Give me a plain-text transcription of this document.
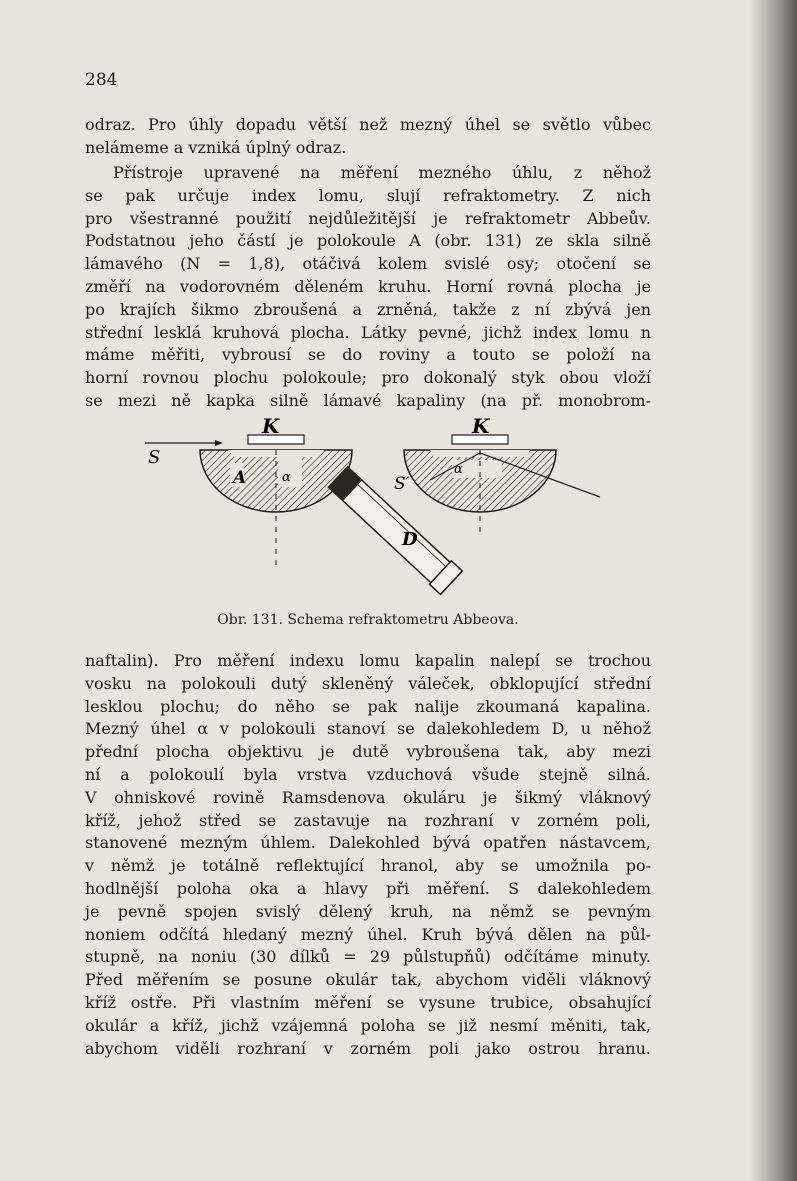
284

odraz. Pro úhly dopadu větší než mezný úhel se světlo vůbec
nelámeme a vzniká úplný odraz.

Přístroje upravené na měření mezného úhlu, z něhož
se pak určuje index lomu, slují refraktometry. Z nich
pro všestranné použití nejdůležitější je refraktometr Abbeův.
Podstatnou jeho částí je polokoule A (obr. 131) ze skla silně
lámavého (N = 1,8), otáčivá kolem svislé osy; otočení se
změří na vodorovném děleném kruhu. Horní rovná plocha je
po krajích šikmo zbroušená a zrněná, takže z ní zbývá jen
střední lesklá kruhová plocha. Látky pevné, jichž index lomu n
máme měřiti, vybrousí se do roviny a touto se položí na
horní rovnou plochu polokoule; pro dokonalý styk obou vloží
se mezi ně kapka silně lámavé kapaliny (na př. monobrom-

S
A	α
K
D
α
K
S′
Obr. 131. Schema refraktometru Abbeova.

naftalin). Pro měření indexu lomu kapalin nalepí se trochou
vosku na polokouli dutý skleněný váleček, obklopující střední
lesklou plochu; do něho se pak nalije zkoumaná kapalina.
Mezný úhel α v polokouli stanoví se dalekohledem D, u něhož
přední plocha objektivu je dutě vybroušena tak, aby mezi
ní a polokoulí byla vrstva vzduchová všude stejně silná.
V ohniskové rovině Ramsdenova okuláru je šikmý vláknový
kříž, jehož střed se zastavuje na rozhraní v zorném poli,
stanovené mezným úhlem. Dalekohled bývá opatřen nástavcem,
v němž je totálně reflektující hranol, aby se umožnila po-
hodlnější poloha oka a hlavy při měření. S dalekohledem
je pevně spojen svislý dělený kruh, na němž se pevným
noniem odčítá hledaný mezný úhel. Kruh bývá dělen na půl-
stupně, na noniu (30 dílků = 29 půlstupňů) odčítáme minuty.
Před měřením se posune okulár tak, abychom viděli vláknový
kříž ostře. Při vlastním měření se vysune trubice, obsahující
okulár a kříž, jichž vzájemná poloha se již nesmí měniti, tak,
abychom viděli rozhraní v zorném poli jako ostrou hranu.
